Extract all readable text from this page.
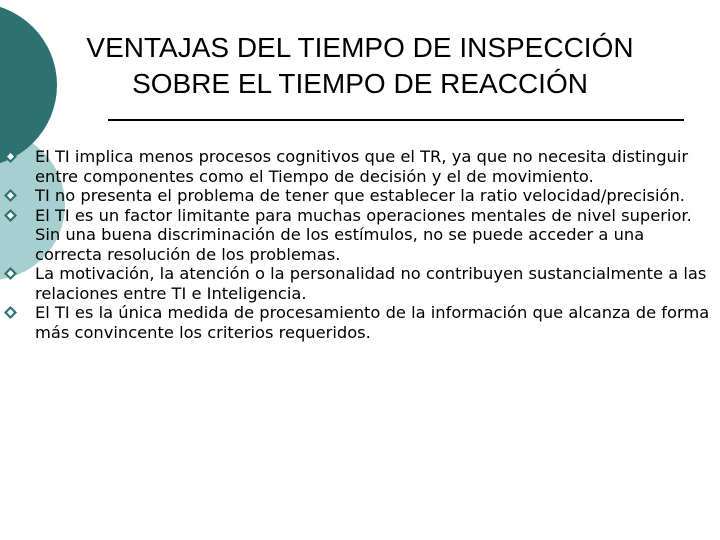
VENTAJAS DEL TIEMPO DE INSPECCIÓN
SOBRE EL TIEMPO DE REACCIÓN
El TI implica menos procesos cognitivos que el TR, ya que no necesita distinguir entre componentes como el Tiempo de decisión y el de movimiento.
TI no presenta el problema de tener que establecer la ratio velocidad/precisión.
El TI es un factor limitante para muchas operaciones mentales de nivel superior. Sin una buena discriminación de los estímulos, no se puede acceder a una correcta resolución de los problemas.
La motivación, la atención o la personalidad no contribuyen sustancialmente a las relaciones entre TI e Inteligencia.
El TI es la única medida de procesamiento de la información que alcanza de forma más convincente los criterios requeridos.
